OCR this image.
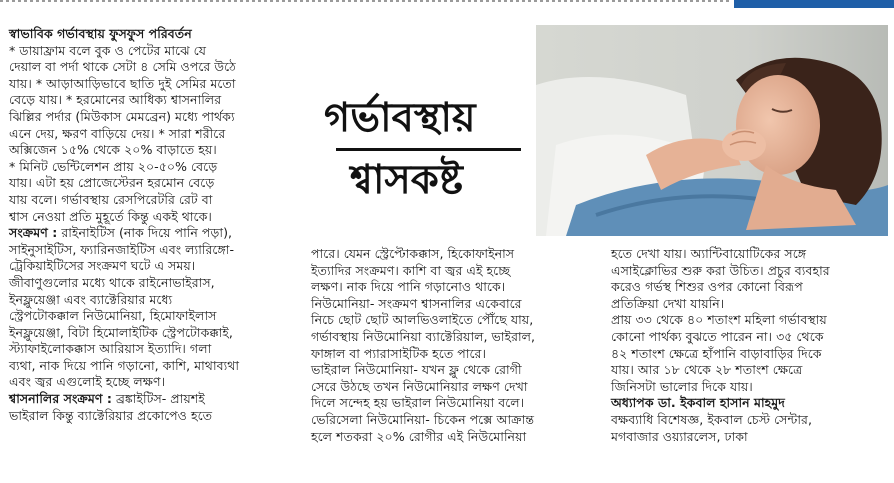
স্বাভাবিক গর্ভাবস্থায় ফুসফুস পরিবর্তন

* ডায়াফ্রাম বলে বুক ও পেটের মাঝে যে

দেয়াল বা পর্দা থাকে সেটা ৪ সেমি ওপরে উঠে

যায়। * আড়াআড়িভাবে ছাতি দুই সেমির মতো

বেড়ে যায়। * হরমোনের আধিক্য শ্বাসনালির

ঝিল্লির পর্দার (মিউকাস মেমব্রেন) মধ্যে পার্থক্য

এনে দেয়, ক্ষরণ বাড়িয়ে দেয়। * সারা শরীরে

অক্সিজেন ১৫% থেকে ২০% বাড়াতে হয়।

* মিনিট ভেন্টিলেশন প্রায় ২০-৫০% বেড়ে

যায়। এটা হয় প্রোজেস্টেরন হরমোন বেড়ে

যায় বলে। গর্ভাবস্থায় রেসপিরেটরি রেট বা

শ্বাস নেওয়া প্রতি মুহূর্তে কিন্তু একই থাকে।

সংক্রমণ : রাইনাইটিস (নাক দিয়ে পানি পড়া),

সাইনুসাইটিস, ফ্যারিনজাইটিস এবং ল্যারিঙ্গো-

ট্রেকিয়াইটিসের সংক্রমণ ঘটে এ সময়।

জীবাণুগুলোর মধ্যে থাকে রাইনোভাইরাস,

ইনফ্লুয়েঞ্জা এবং ব্যাক্টেরিয়ার মধ্যে

স্ট্রেপটোকক্কাল নিউমোনিয়া, হিমোফাইলাস

ইনফ্লুয়েঞ্জা, বিটা হিমোলাইটিক স্ট্রেপটোকক্কাই,

স্ট্যাফাইলোকক্কাস আরিয়াস ইত্যাদি। গলা

ব্যথা, নাক দিয়ে পানি গড়ানো, কাশি, মাথাব্যথা

এবং জ্বর এগুলোই হচ্ছে লক্ষণ।

শ্বাসনালির সংক্রমণ : ব্রঙ্কাইটিস- প্রায়শই

ভাইরাল কিন্তু ব্যাক্টেরিয়ার প্রকোপেও হতে

গর্ভাবস্থায়
শ্বাসকষ্ট

পারে। যেমন স্ট্রেপ্টোকক্কাস, হিকোফাইনাস

ইত্যাদির সংক্রমণ। কাশি বা জ্বর এই হচ্ছে

লক্ষণ। নাক দিয়ে পানি গড়ানোও থাকে।

নিউমোনিয়া- সংক্রমণ শ্বাসনালির একেবারে

নিচে ছোট ছোট আলভিওলাইতে পৌঁছে যায়,

গর্ভাবস্থায় নিউমোনিয়া ব্যাক্টেরিয়াল, ভাইরাল,

ফাঙ্গাল বা প্যারাসাইটিক হতে পারে।

ভাইরাল নিউমোনিয়া- যখন ফ্লু থেকে রোগী

সেরে উঠছে তখন নিউমোনিয়ার লক্ষণ দেখা

দিলে সন্দেহ হয় ভাইরাল নিউমোনিয়া বলে।

ভেরিসেলা নিউমোনিয়া- চিকেন পক্সে আক্রান্ত

হলে শতকরা ২০% রোগীর এই নিউমোনিয়া

হতে দেখা যায়। অ্যান্টিবায়োটিকের সঙ্গে

এসাইক্লোভির শুরু করা উচিত। প্রচুর ব্যবহার

করেও গর্ভস্থ শিশুর ওপর কোনো বিরূপ

প্রতিক্রিয়া দেখা যায়নি।

প্রায় ৩৩ থেকে ৪০ শতাংশ মহিলা গর্ভাবস্থায়

কোনো পার্থক্য বুঝতে পারেন না। ৩৫ থেকে

৪২ শতাংশ ক্ষেত্রে হাঁপানি বাড়াবাড়ির দিকে

যায়। আর ১৮ থেকে ২৮ শতাংশ ক্ষেত্রে

জিনিসটা ভালোর দিকে যায়।

অধ্যাপক ডা. ইকবাল হাসান মাহমুদ

বক্ষব্যাধি বিশেষজ্ঞ, ইকবাল চেস্ট সেন্টার,

মগবাজার ওয়্যারলেস, ঢাকা
